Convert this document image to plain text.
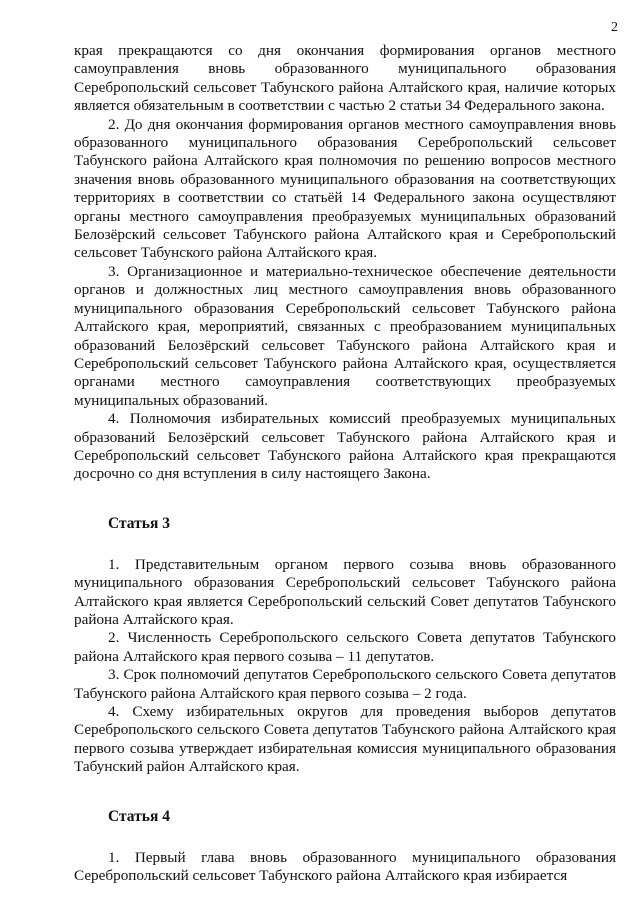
2

края прекращаются со дня окончания формирования органов местного самоуправления вновь образованного муниципального образования Серебропольский сельсовет Табунского района Алтайского края, наличие которых является обязательным в соответствии с частью 2 статьи 34 Федерального закона.

2. До дня окончания формирования органов местного самоуправления вновь образованного муниципального образования Серебропольский сельсовет Табунского района Алтайского края полномочия по решению вопросов местного значения вновь образованного муниципального образования на соответствующих территориях в соответствии со статьёй 14 Федерального закона осуществляют органы местного самоуправления преобразуемых муниципальных образований Белозёрский сельсовет Табунского района Алтайского края и Серебропольский сельсовет Табунского района Алтайского края.

3. Организационное и материально-техническое обеспечение деятельности органов и должностных лиц местного самоуправления вновь образованного муниципального образования Серебропольский сельсовет Табунского района Алтайского края, мероприятий, связанных с преобразованием муниципальных образований Белозёрский сельсовет Табунского района Алтайского края и Серебропольский сельсовет Табунского района Алтайского края, осуществляется органами местного самоуправления соответствующих преобразуемых муниципальных образований.

4. Полномочия избирательных комиссий преобразуемых муниципальных образований Белозёрский сельсовет Табунского района Алтайского края и Серебропольский сельсовет Табунского района Алтайского края прекращаются досрочно со дня вступления в силу настоящего Закона.

Статья 3

1. Представительным органом первого созыва вновь образованного муниципального образования Серебропольский сельсовет Табунского района Алтайского края является Серебропольский сельский Совет депутатов Табунского района Алтайского края.

2. Численность Серебропольского сельского Совета депутатов Табунского района Алтайского края первого созыва – 11 депутатов.

3. Срок полномочий депутатов Серебропольского сельского Совета депутатов Табунского района Алтайского края первого созыва – 2 года.

4. Схему избирательных округов для проведения выборов депутатов Серебропольского сельского Совета депутатов Табунского района Алтайского края первого созыва утверждает избирательная комиссия муниципального образования Табунский район Алтайского края.

Статья 4

1. Первый глава вновь образованного муниципального образования Серебропольский сельсовет Табунского района Алтайского края избирается
